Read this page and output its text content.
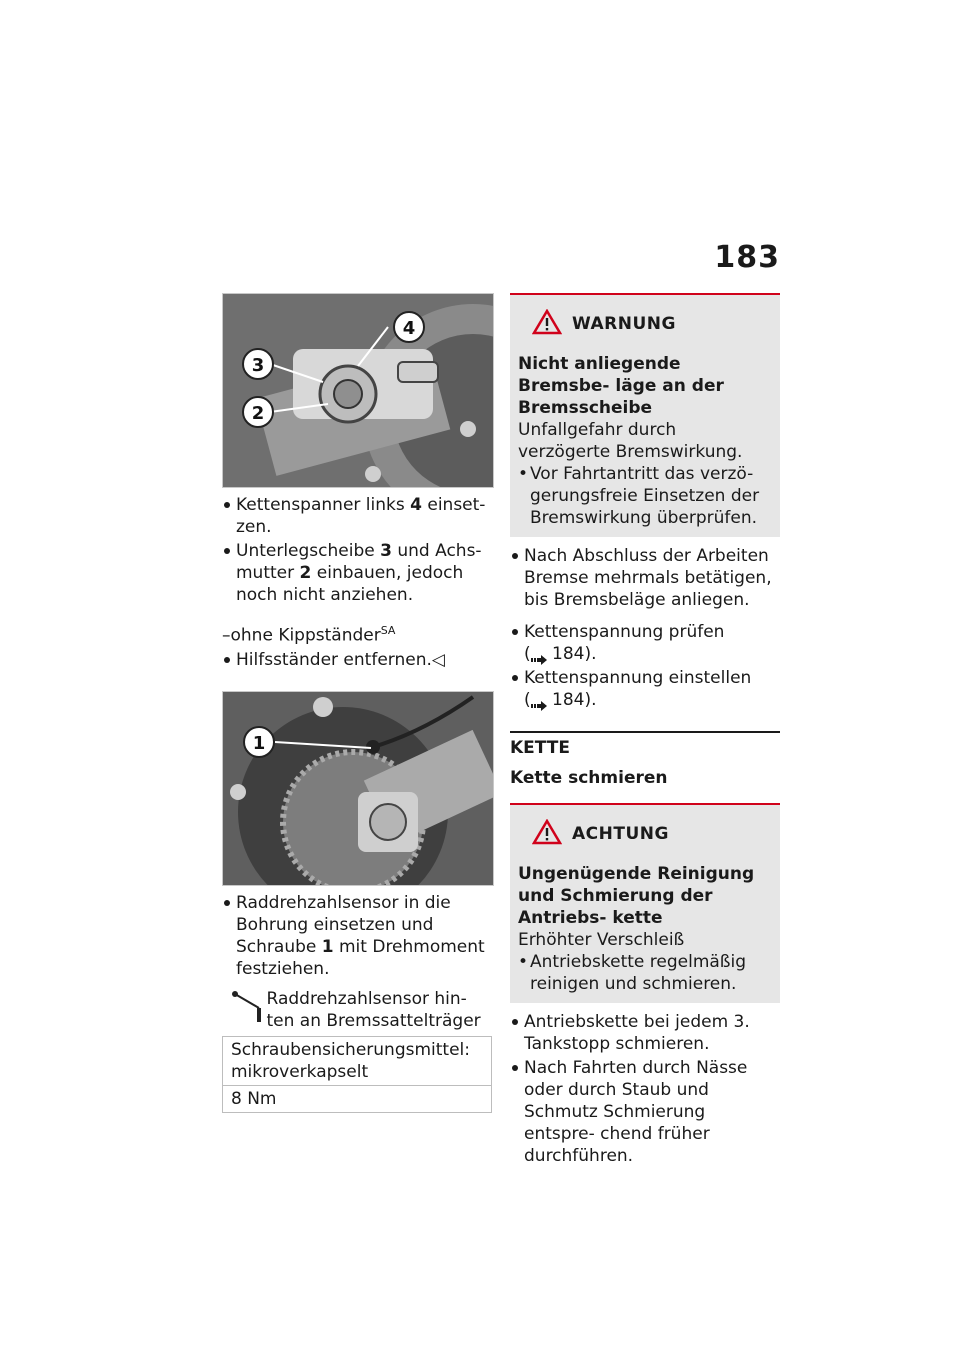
183
4
3
2
Kettenspanner links 4 einset- zen.
Unterlegscheibe 3 und Achs- mutter 2 einbauen, jedoch noch nicht anziehen.
–ohne Kippständer$^{SA}$
Hilfsständer entfernen.◁
1
Raddrehzahlsensor in die Bohrung einsetzen und Schraube 1 mit Drehmoment festziehen.
Raddrehzahlsensor hin- ten an Bremssattelträger
Schraubensicherungsmittel: mikroverkapselt
8 Nm
WARNUNG
Nicht anliegende Bremsbe- läge an der Bremsscheibe
Unfallgefahr durch verzögerte Bremswirkung.
• Vor Fahrtantritt das verzö- gerungsfreie Einsetzen der Bremswirkung überprüfen.
Nach Abschluss der Arbeiten Bremse mehrmals betätigen, bis Bremsbeläge anliegen.
Kettenspannung prüfen
( 184).
Kettenspannung einstellen
( 184).
KETTE
Kette schmieren
ACHTUNG
Ungenügende Reinigung und Schmierung der Antriebs- kette
Erhöhter Verschleiß
• Antriebskette regelmäßig reinigen und schmieren.
Antriebskette bei jedem 3. Tankstopp schmieren.
Nach Fahrten durch Nässe oder durch Staub und Schmutz Schmierung entspre- chend früher durchführen.
